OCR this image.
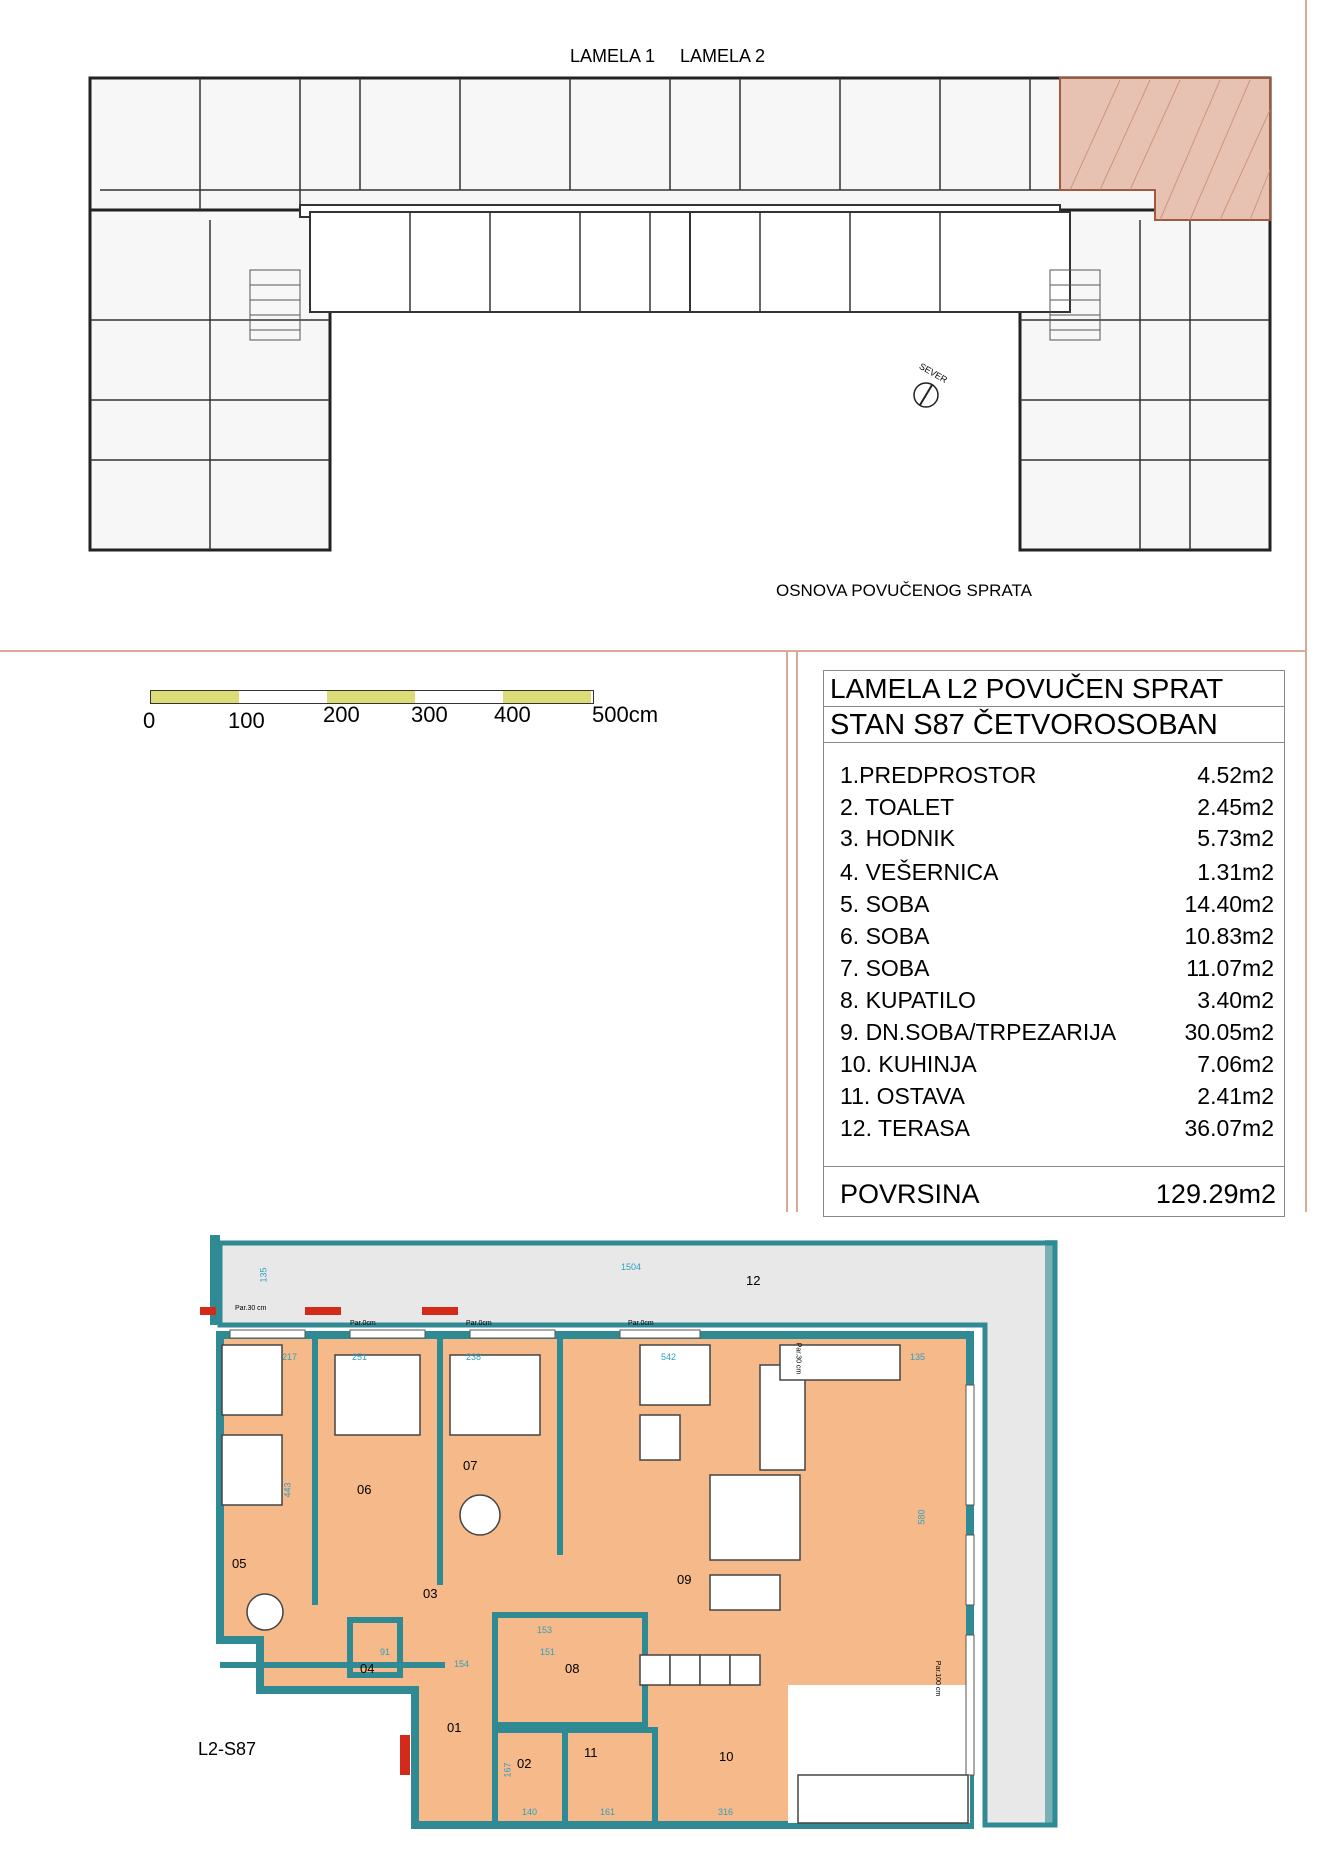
LAMELA 1 LAMELA 2
SEVER
OSNOVA POVUČENOG SPRATA
0	100	200 300 400	500cm
LAMELA L2 POVUČEN SPRAT
STAN S87 ČETVOROSOBAN
1.PREDPROSTOR	4.52m2
2. TOALET	2.45m2
3. HODNIK	5.73m2
4. VEŠERNICA	1.31m2
5. SOBA	14.40m2
6. SOBA	10.83m2
7. SOBA	11.07m2
8. KUPATILO	3.40m2
9. DN.SOBA/TRPEZARIJA	30.05m2
10. KUHINJA	7.06m2
11. OSTAVA	2.41m2
12. TERASA	36.07m2
POVRSINA	129.29m2
12
06
07
05
03
09
04	08
01
02
11	10
Par.30 cm
Par.0cm	Par.0cm	Par.0cm
Par.30 cm
Par.100 cm
1504
217	251	238	542	135
154
140	161	316
135
443
151
580
167
91
153
L2-S87
